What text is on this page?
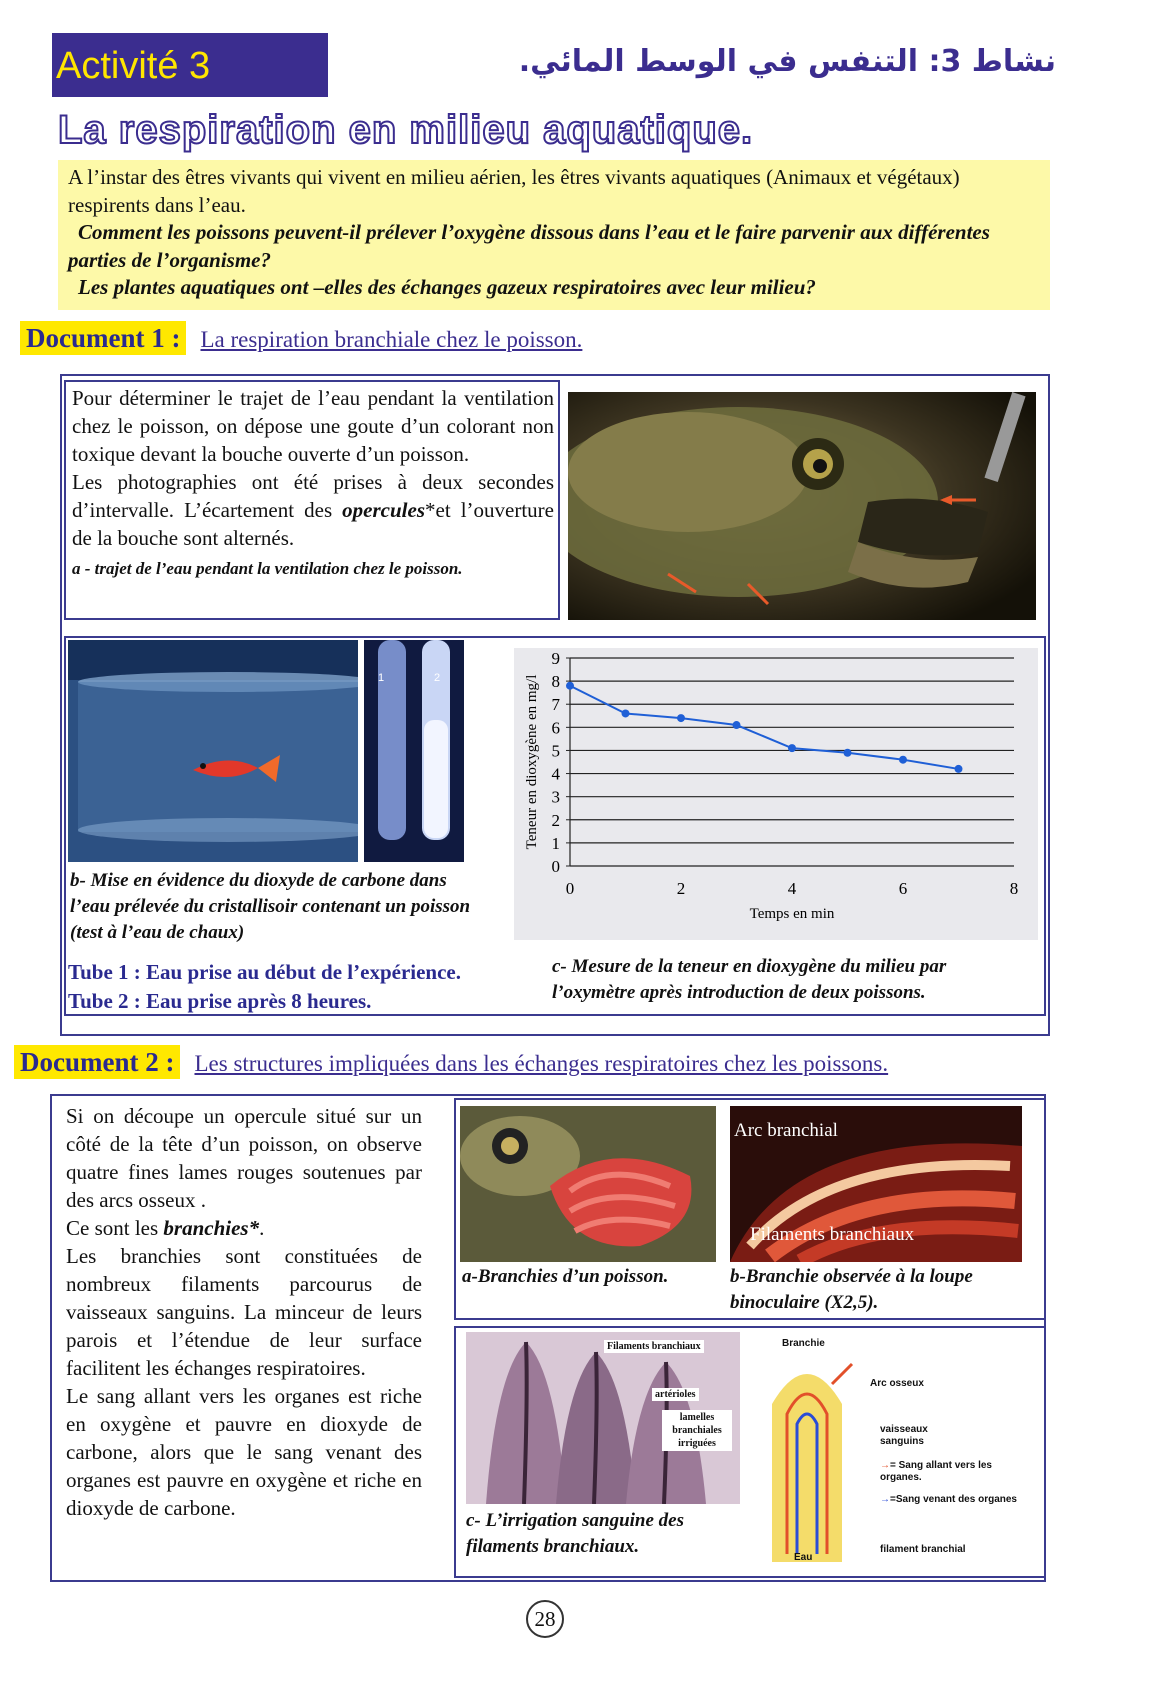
Activité 3	نشاط 3: التنفس في الوسط المائي.
La respiration en milieu aquatique.

A l’instar des êtres vivants qui vivent en milieu aérien, les êtres vivants aquatiques (Animaux et végétaux) respirents dans l’eau.

Comment les poissons peuvent-il prélever l’oxygène dissous dans l’eau et le faire parvenir aux différentes parties de l’organisme?

Les plantes aquatiques ont –elles des échanges gazeux respiratoires avec leur milieu?

Document 1 : La respiration branchiale chez le poisson.
Pour déterminer le trajet de l’eau pendant la ventilation chez le poisson, on dépose une goute d’un colorant non toxique devant la bouche ouverte d’un poisson.
Les photographies ont été prises à deux secondes d’intervalle. L’écartement des opercules*et l’ouverture de la bouche sont alternés.
a - trajet de l’eau pendant la ventilation chez le poisson.
1	2
b- Mise en évidence du dioxyde de carbone dans l’eau prélevée du cristallisoir contenant un poisson (test à l’eau de chaux)
Tube 1 : Eau prise au début de l’expérience.
Tube 2 : Eau prise après 8 heures.
0
1
2
3
4
5
6
7
8
9
0	2	4	6	8
Temps en min
Teneur en dioxygène en mg/l
c- Mesure de la teneur en dioxygène du milieu par l’oxymètre après introduction de deux poissons.
Document 2 : Les structures impliquées dans les échanges respiratoires chez les poissons.
Si on découpe un opercule situé sur un côté de la tête d’un poisson, on observe quatre fines lames rouges soutenues par des arcs osseux .
Ce sont les branchies*.
Les branchies sont constituées de nombreux filaments parcourus de vaisseaux sanguins. La minceur de leurs parois et l’étendue de leur surface facilitent les échanges respiratoires.
Le sang allant vers les organes est riche en oxygène et pauvre en dioxyde de carbone, alors que le sang venant des organes est pauvre en oxygène et riche en dioxyde de carbone.
Arc branchial
Filaments branchiaux
a-Branchies d’un poisson.	b-Branchie observée à la loupe binoculaire (X2,5).
Filaments branchiaux
artérioles
lamelles branchiales irriguées
c- L’irrigation sanguine des filaments branchiaux.
Branchie
Arc osseux
vaisseaux sanguins
→= Sang allant vers les organes.
→=Sang venant des organes
Eau
filament branchial
28
